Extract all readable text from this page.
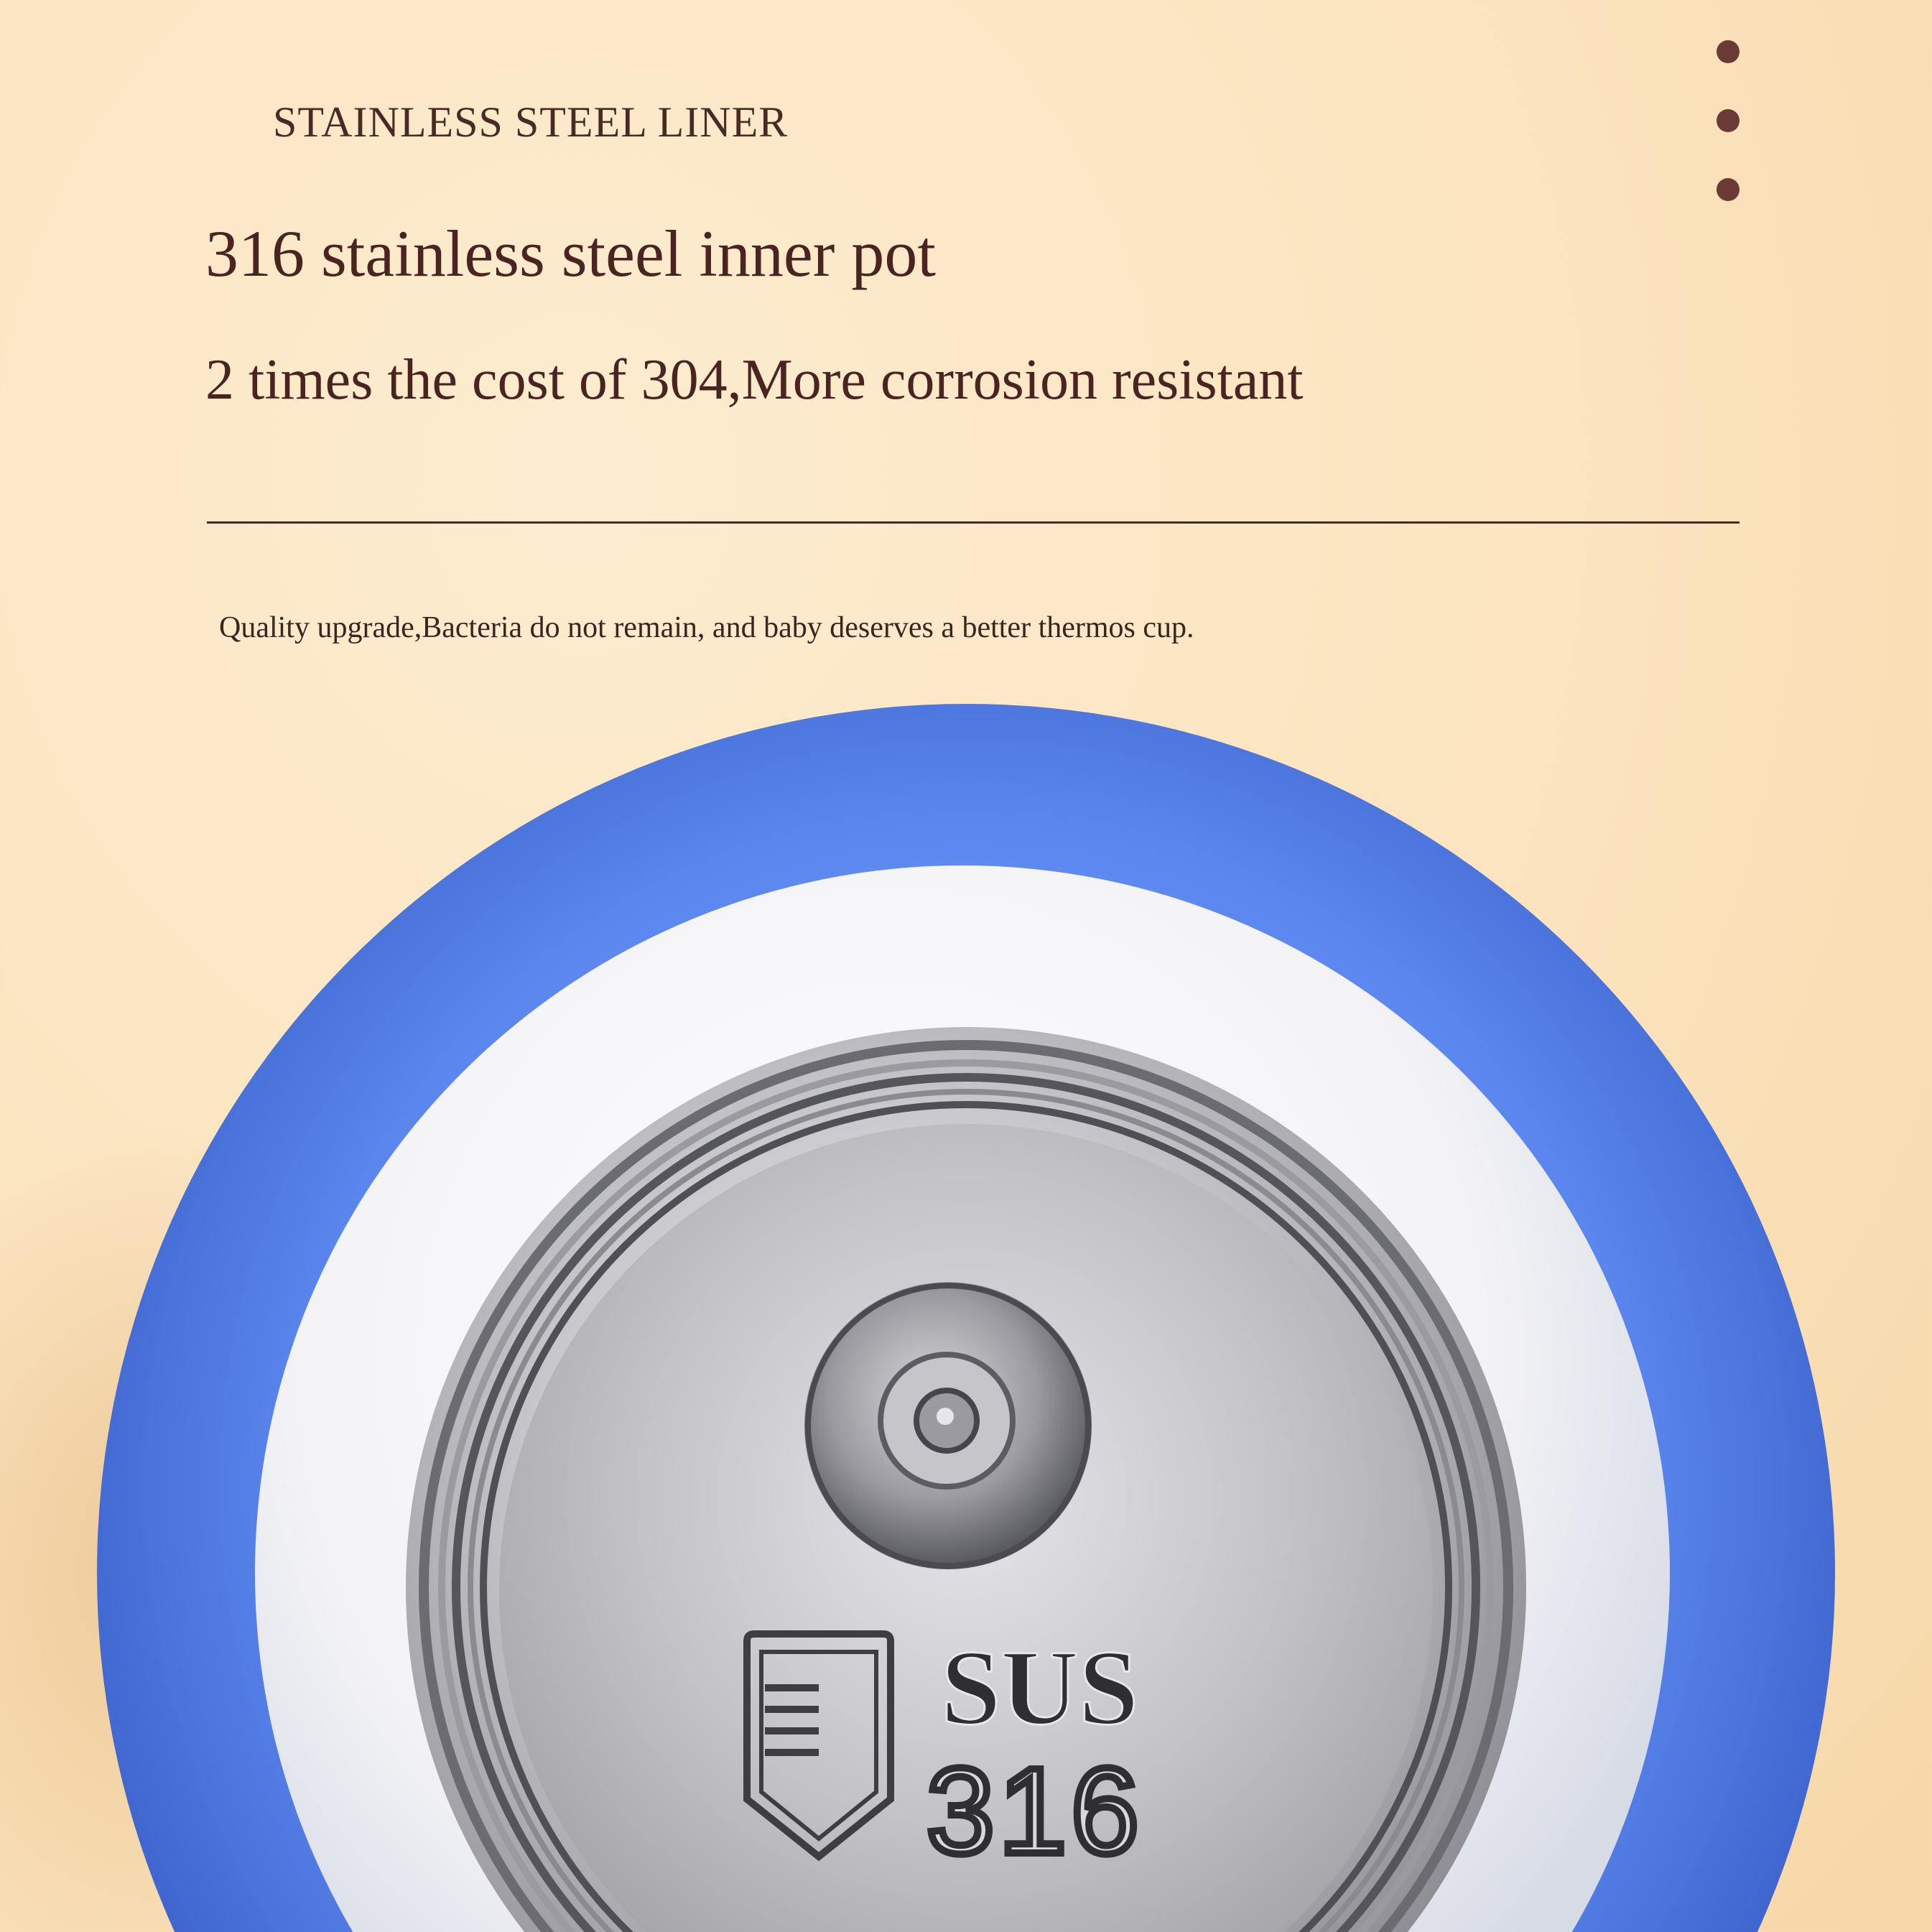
STAINLESS STEEL LINER
316 stainless steel inner pot
2 times the cost of 304,More corrosion resistant
Quality upgrade,Bacteria do not remain, and baby deserves a better thermos cup.
SUS
316
